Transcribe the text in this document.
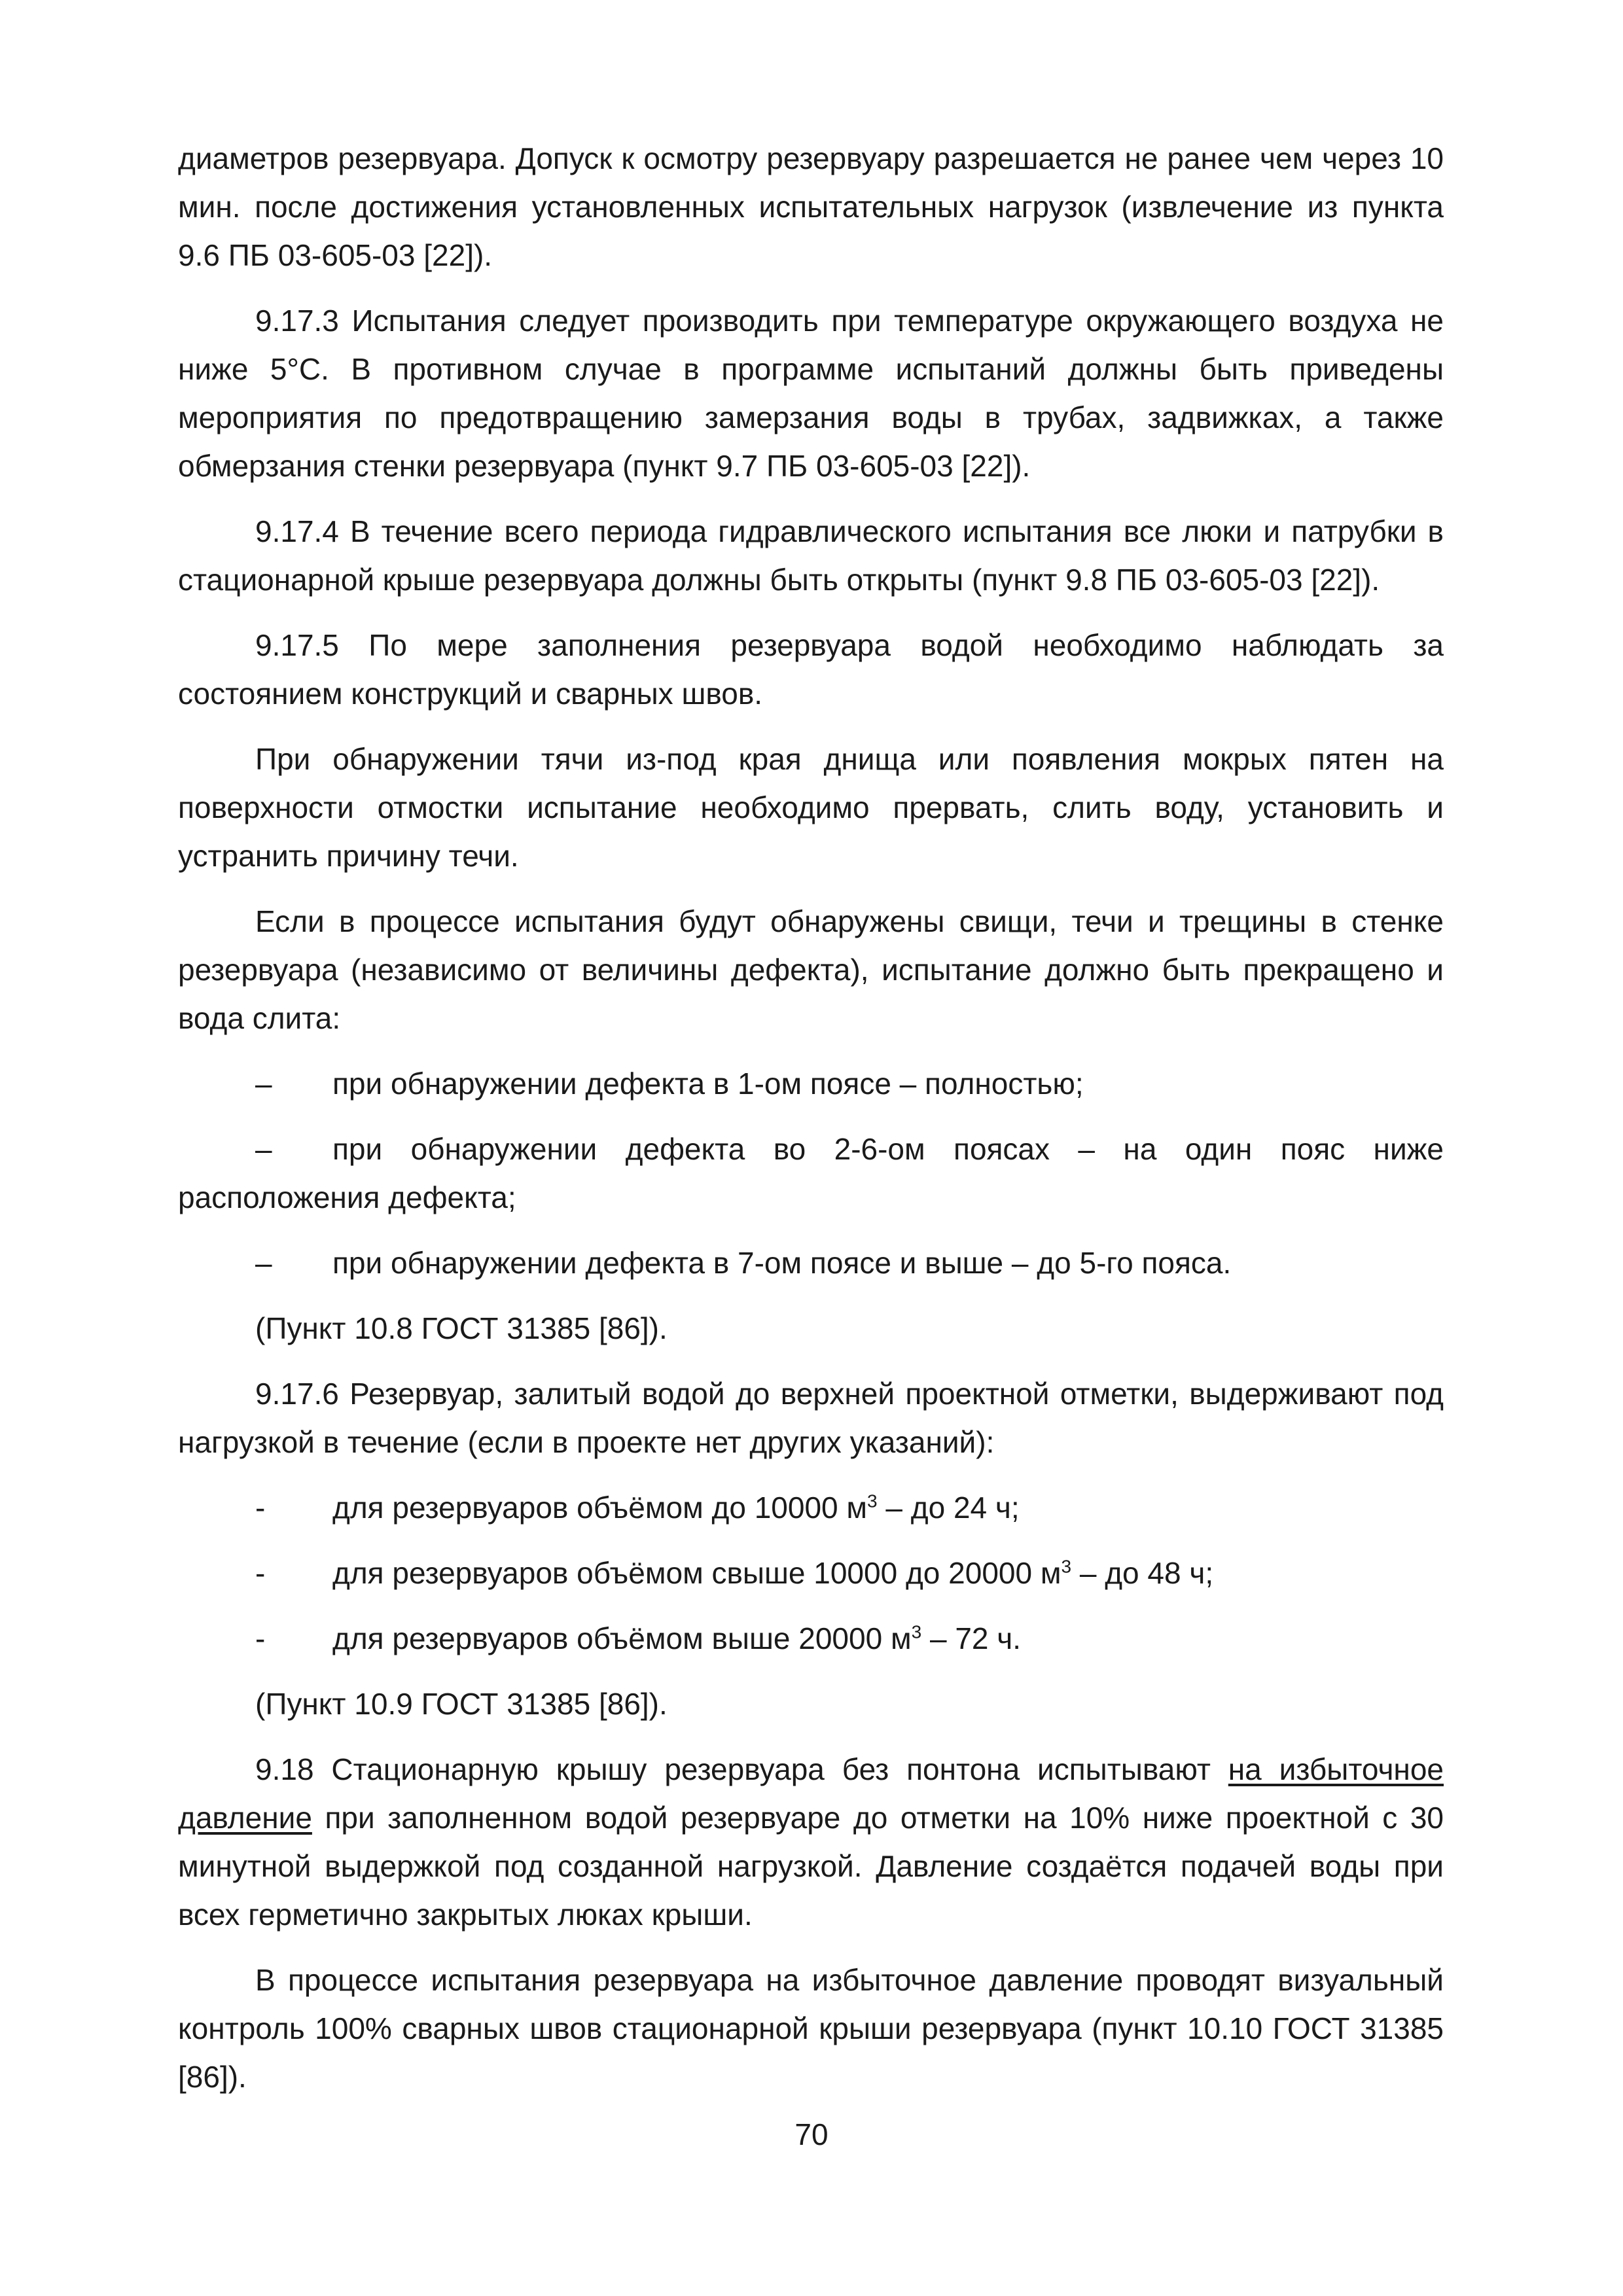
диаметров резервуара. Допуск к осмотру резервуару разрешается не ранее чем через 10 мин. после достижения установленных испытательных нагрузок (извлечение из пункта 9.6 ПБ 03-605-03 [22]).

9.17.3 Испытания следует производить при температуре окружающего воздуха не ниже 5°С. В противном случае в программе испытаний должны быть приведены мероприятия по предотвращению замерзания воды в трубах, задвижках, а также обмерзания стенки резервуара (пункт 9.7 ПБ 03-605-03 [22]).

9.17.4 В течение всего периода гидравлического испытания все люки и патрубки в стационарной крыше резервуара должны быть открыты (пункт 9.8 ПБ 03-605-03 [22]).

9.17.5 По мере заполнения резервуара водой необходимо наблюдать за состоянием конструкций и сварных швов.

При обнаружении тячи из-под края днища или появления мокрых пятен на поверхности отмостки испытание необходимо прервать, слить воду, установить и устранить причину течи.

Если в процессе испытания будут обнаружены свищи, течи и трещины в стенке резервуара (независимо от величины дефекта), испытание должно быть прекращено и вода слита:

– при обнаружении дефекта в 1-ом поясе – полностью;
– при обнаружении дефекта во 2-6-ом поясах – на один пояс ниже расположения дефекта;
– при обнаружении дефекта в 7-ом поясе и выше – до 5-го пояса.

(Пункт 10.8 ГОСТ 31385 [86]).

9.17.6 Резервуар, залитый водой до верхней проектной отметки, выдерживают под нагрузкой в течение (если в проекте нет других указаний):

- для резервуаров объёмом до 10000 $м^3$ – до 24 ч;
- для резервуаров объёмом свыше 10000 до 20000 $м^3$ – до 48 ч;
- для резервуаров объёмом выше 20000 $м^3 - 72$ ч.

(Пункт 10.9 ГОСТ 31385 [86]).

9.18 Стационарную крышу резервуара без понтона испытывают на избыточное давление при заполненном водой резервуаре до отметки на 10% ниже проектной с 30 минутной выдержкой под созданной нагрузкой. Давление создаётся подачей воды при всех герметично закрытых люках крыши.

В процессе испытания резервуара на избыточное давление проводят визуальный контроль 100% сварных швов стационарной крыши резервуара (пункт 10.10 ГОСТ 31385 [86]).

70
